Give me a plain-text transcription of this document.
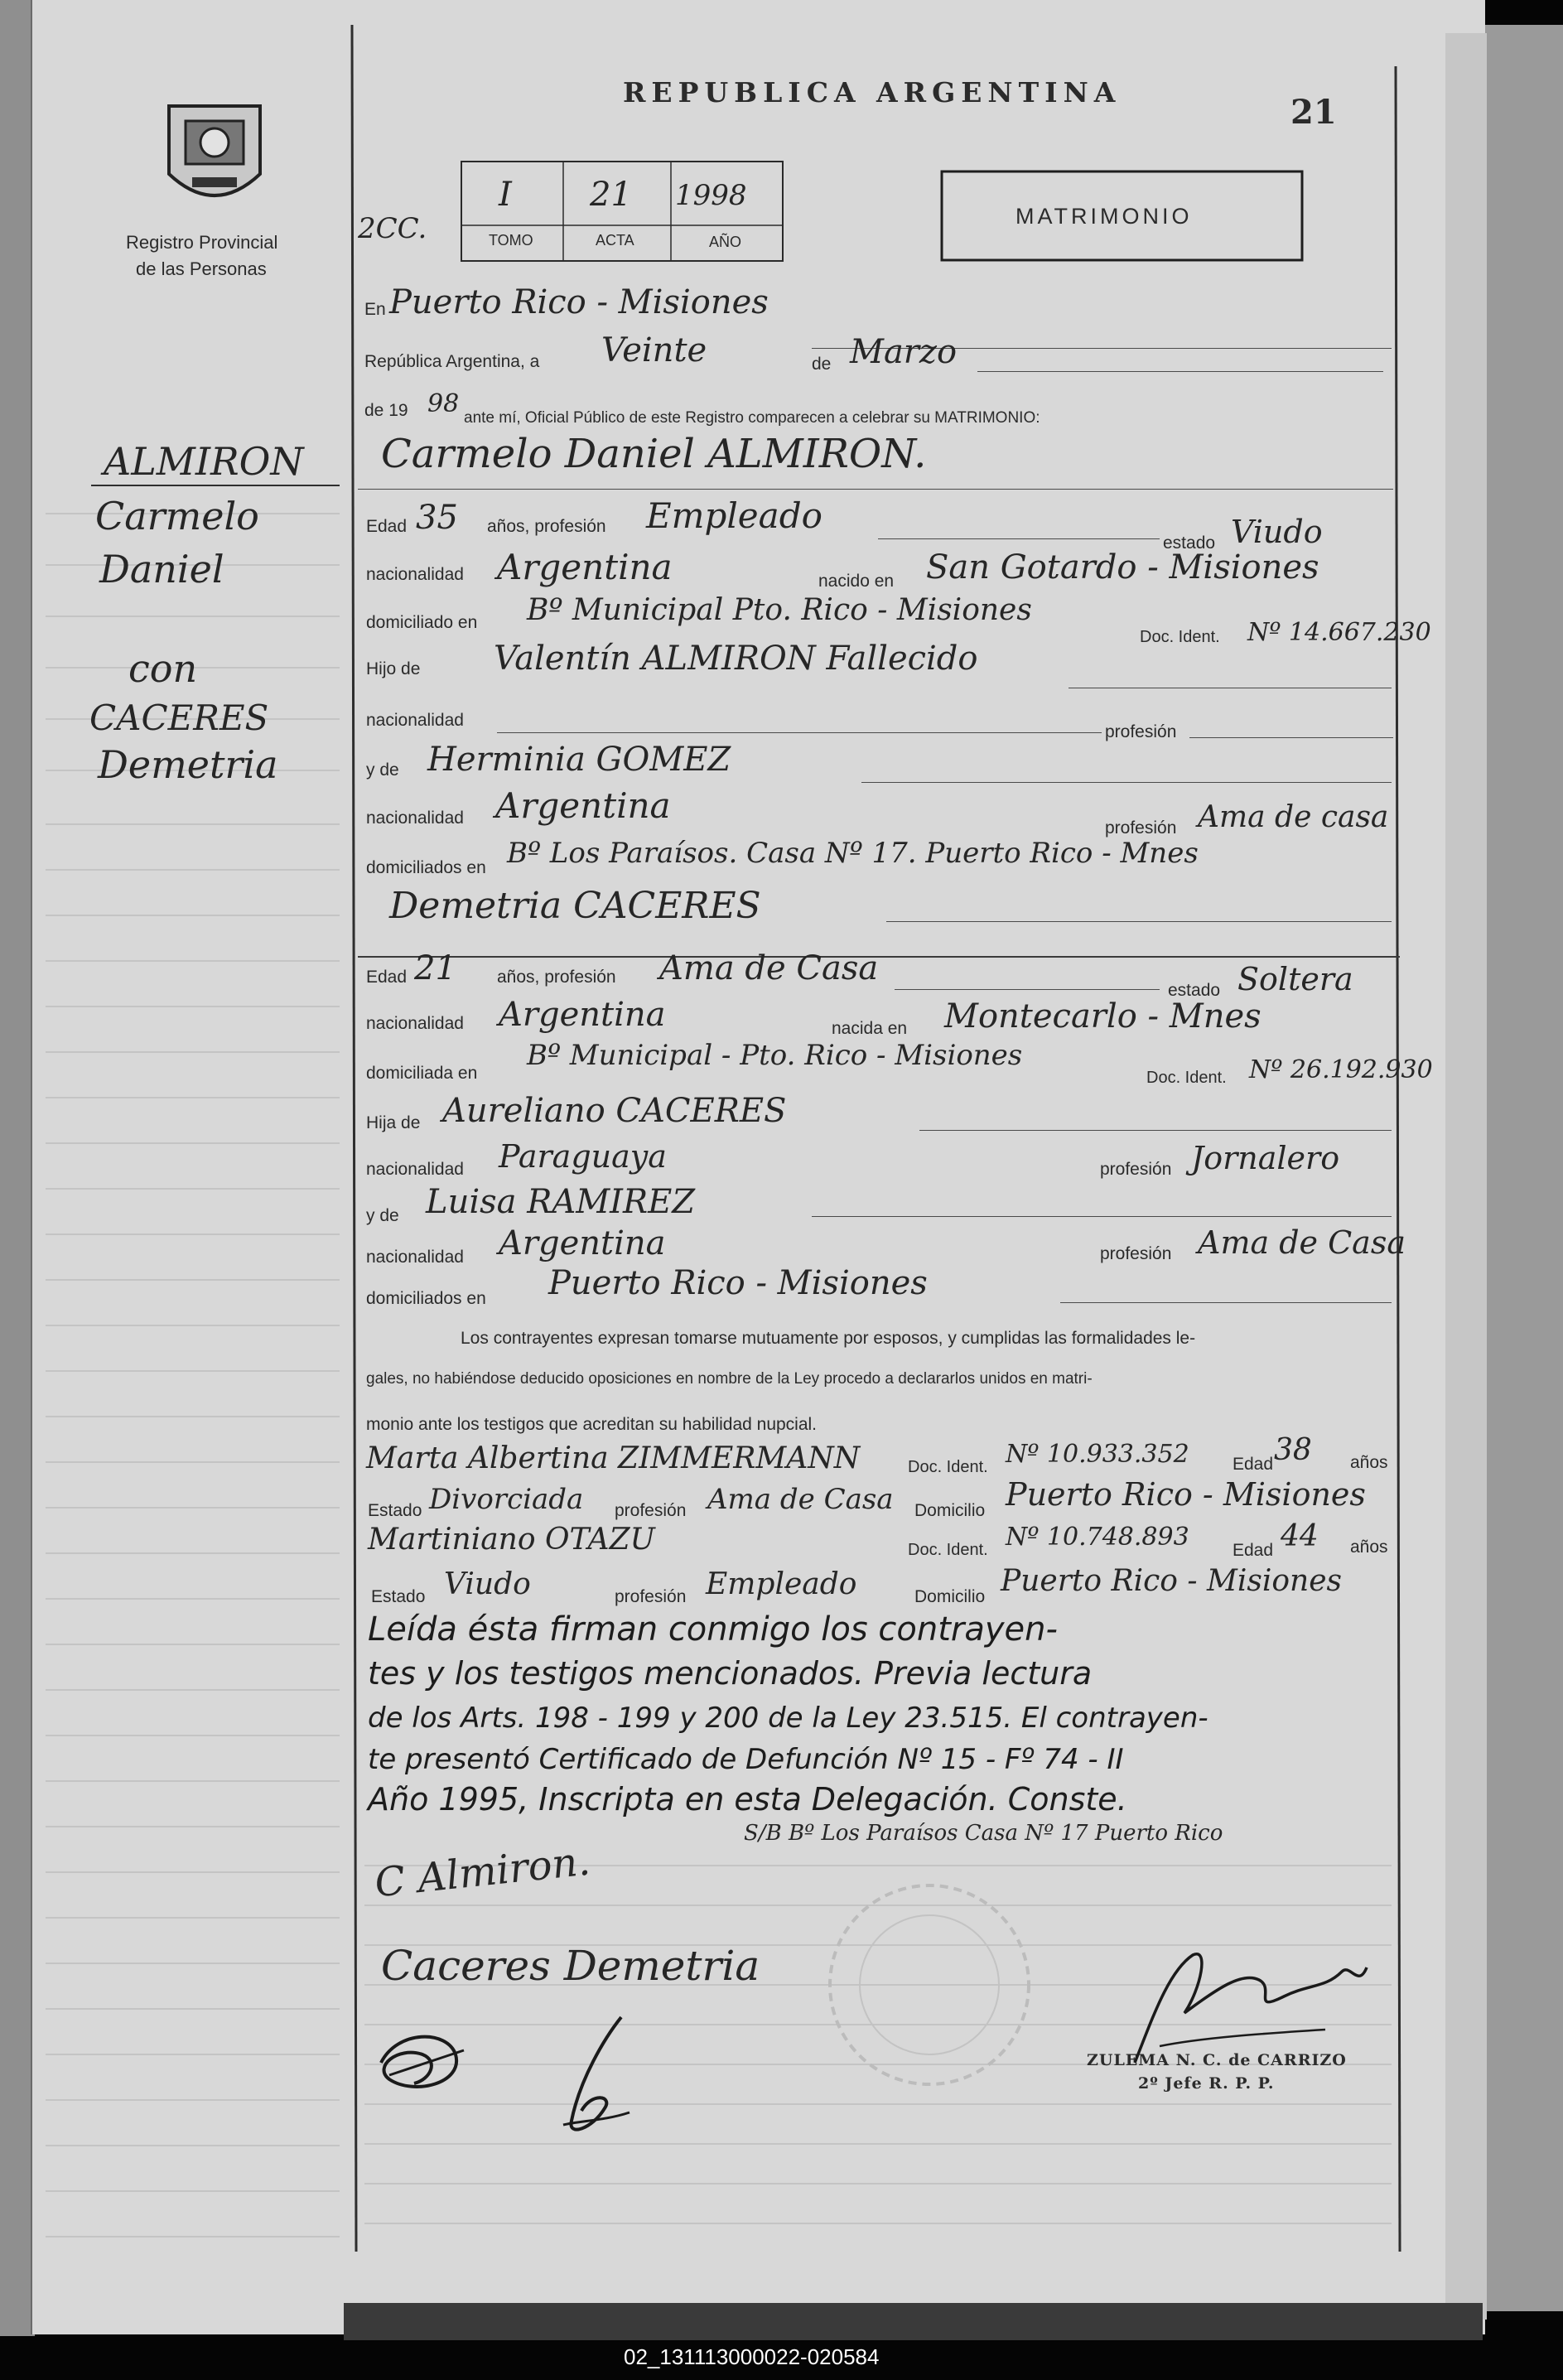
REPUBLICA ARGENTINA
21
Registro Provincial
de las Personas
2CC.
I 21 1998
TOMO	ACTA	AÑO
MATRIMONIO
ALMIRON
Carmelo
Daniel
con
CACERES
Demetria
En Puerto Rico - Misiones
República Argentina, a Veinte	de Marzo
de 19 98 ante mí, Oficial Público de este Registro comparecen a celebrar su MATRIMONIO:
Carmelo Daniel ALMIRON.
Edad 35 años, profesión Empleado
estado Viudo
nacionalidad Argentina	nacido en San Gotardo - Misiones
domiciliado en Bº Municipal Pto. Rico - Misiones
Doc. Ident. Nº 14.667.230
Hijo de Valentín ALMIRON Fallecido
nacionalidad
profesión
y de Herminia GOMEZ
nacionalidad Argentina
profesión Ama de casa
domiciliados en Bº Los Paraísos. Casa Nº 17. Puerto Rico - Mnes
Demetria CACERES
Edad 21 años, profesión Ama de Casa
estado Soltera
nacionalidad Argentina	nacida en Montecarlo - Mnes
domiciliada en
Bº Municipal - Pto. Rico - Misiones
Doc. Ident. Nº 26.192.930
Hija de Aureliano CACERES
nacionalidad Paraguaya	profesión Jornalero
y de Luisa RAMIREZ
nacionalidad Argentina	profesión Ama de Casa
domiciliados en Puerto Rico - Misiones
Los contrayentes expresan tomarse mutuamente por esposos, y cumplidas las formalidades le-
gales, no habiéndose deducido oposiciones en nombre de la Ley procedo a declararlos unidos en matri-
monio ante los testigos que acreditan su habilidad nupcial.
Marta Albertina ZIMMERMANN	Doc. Ident. Nº 10.933.352 Edad 38 años
Estado Divorciada profesión Ama de Casa Domicilio Puerto Rico - Misiones
Martiniano OTAZU	Doc. Ident. Nº 10.748.893 Edad 44 años
Estado Viudo	profesión Empleado	Domicilio Puerto Rico - Misiones
Leída ésta firman conmigo los contrayen-
tes y los testigos mencionados. Previa lectura
de los Arts. 198 - 199 y 200 de la Ley 23.515. El contrayen-
te presentó Certificado de Defunción Nº 15 - Fº 74 - II
Año 1995, Inscripta en esta Delegación. Conste.
S/B Bº Los Paraísos Casa Nº 17 Puerto Rico
C Almiron.
Caceres Demetria
ZULEMA N. C. de CARRIZO
2º Jefe R. P. P.
02_131113000022-020584
